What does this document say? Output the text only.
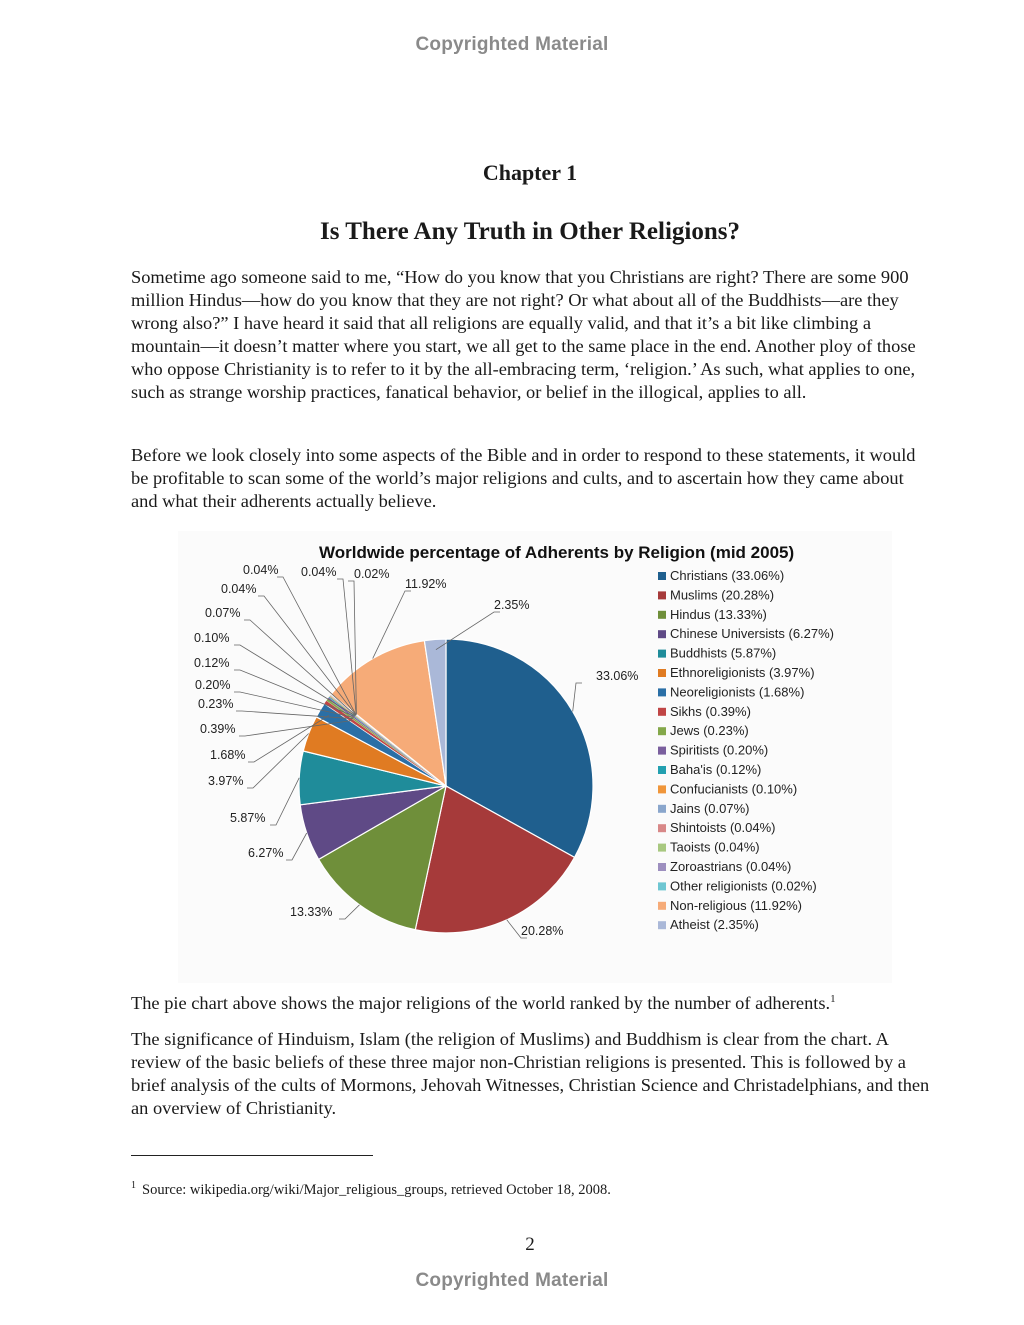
Copyrighted Material
Chapter 1
Is There Any Truth in Other Religions?

Sometime ago someone said to me, “How do you know that you Christians are right? There are some 900 million Hindus—how do you know that they are not right? Or what about all of the Buddhists—are they wrong also?” I have heard it said that all religions are equally valid, and that it’s a bit like climbing a mountain—it doesn’t matter where you start, we all get to the same place in the end. Another ploy of those who oppose Christianity is to refer to it by the all-embracing term, ‘religion.’ As such, what applies to one, such as strange worship practices, fanatical behavior, or belief in the illogical, applies to all.

Before we look closely into some aspects of the Bible and in order to respond to these statements, it would be profitable to scan some of the world’s major religions and cults, and to ascertain how they came about and what their adherents actually believe.

Worldwide percentage of Adherents by Religion (mid 2005)
33.06%
20.28%
13.33%
6.27%
5.87%
3.97%
1.68%
0.39%
0.23%
0.20%
0.12%
0.10%
0.07%
0.04%
0.04% 0.04% 0.02%
11.92%
2.35%
Christians (33.06%)
Muslims (20.28%)
Hindus (13.33%)
Chinese Universists (6.27%)
Buddhists (5.87%)
Ethnoreligionists (3.97%)
Neoreligionists (1.68%)
Sikhs (0.39%)
Jews (0.23%)
Spiritists (0.20%)
Baha'is (0.12%)
Confucianists (0.10%)
Jains (0.07%)
Shintoists (0.04%)
Taoists (0.04%)
Zoroastrians (0.04%)
Other religionists (0.02%)
Non-religious (11.92%)
Atheist (2.35%)

The pie chart above shows the major religions of the world ranked by the number of adherents.$^1$

The significance of Hinduism, Islam (the religion of Muslims) and Buddhism is clear from the chart. A review of the basic beliefs of these three major non-Christian religions is presented. This is followed by a brief analysis of the cults of Mormons, Jehovah Witnesses, Christian Science and Christadelphians, and then an overview of Christianity.

$^1$ Source: wikipedia.org/wiki/Major_religious_groups, retrieved October 18, 2008.
2
Copyrighted Material
